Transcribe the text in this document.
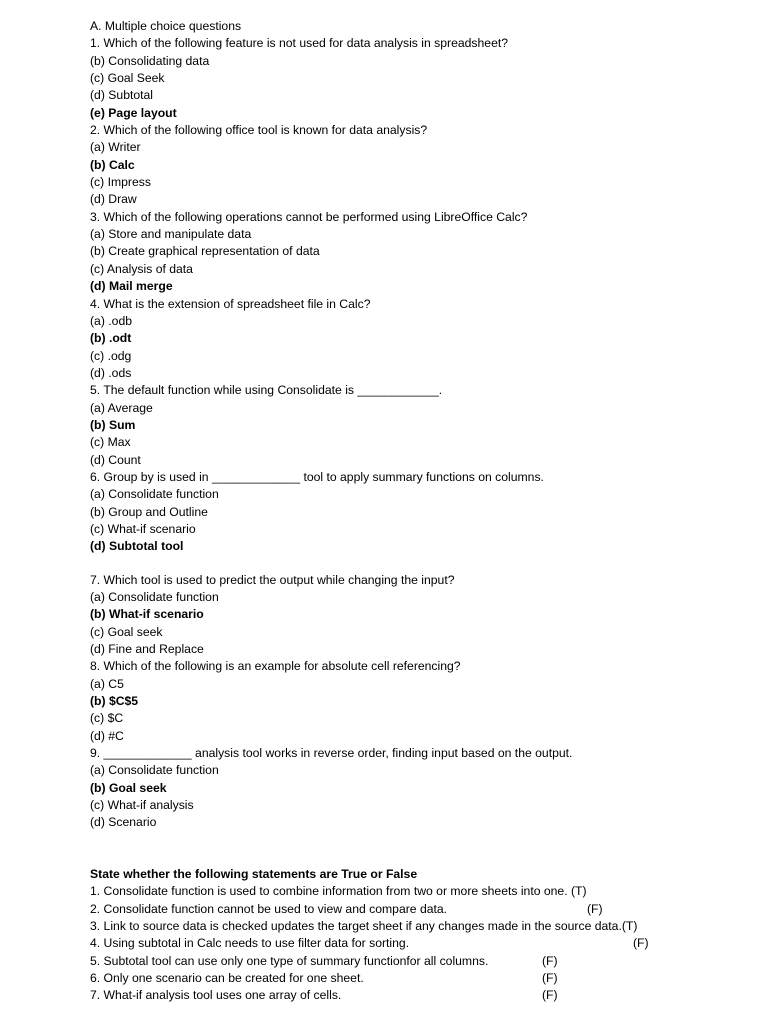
A. Multiple choice questions
1. Which of the following feature is not used for data analysis in spreadsheet?
(b) Consolidating data
(c) Goal Seek
(d) Subtotal
(e) Page layout
2. Which of the following office tool is known for data analysis?
(a) Writer
(b) Calc
(c) Impress
(d) Draw
3. Which of the following operations cannot be performed using LibreOffice Calc?
(a) Store and manipulate data
(b) Create graphical representation of data
(c) Analysis of data
(d) Mail merge
4. What is the extension of spreadsheet file in Calc?
(a) .odb
(b) .odt
(c) .odg
(d) .ods
5. The default function while using Consolidate is ____________.
(a) Average
(b) Sum
(c) Max
(d) Count
6. Group by is used in _____________ tool to apply summary functions on columns.
(a) Consolidate function
(b) Group and Outline
(c) What-if scenario
(d) Subtotal tool
7. Which tool is used to predict the output while changing the input?
(a) Consolidate function
(b) What-if scenario
(c) Goal seek
(d) Fine and Replace
8. Which of the following is an example for absolute cell referencing?
(a) C5
(b) $C$5
(c) $C
(d) #C
9. _____________ analysis tool works in reverse order, finding input based on the output.
(a) Consolidate function
(b) Goal seek
(c) What-if analysis
(d) Scenario
State whether the following statements are True or False
1. Consolidate function is used to combine information from two or more sheets into one. (T)
2. Consolidate function cannot be used to view and compare data.	(F)
3. Link to source data is checked updates the target sheet if any changes made in the source data.(T)
4. Using subtotal in Calc needs to use filter data for sorting.	(F)
5. Subtotal tool can use only one type of summary functionfor all columns.	(F)
6. Only one scenario can be created for one sheet.	(F)
7. What-if analysis tool uses one array of cells.	(F)
